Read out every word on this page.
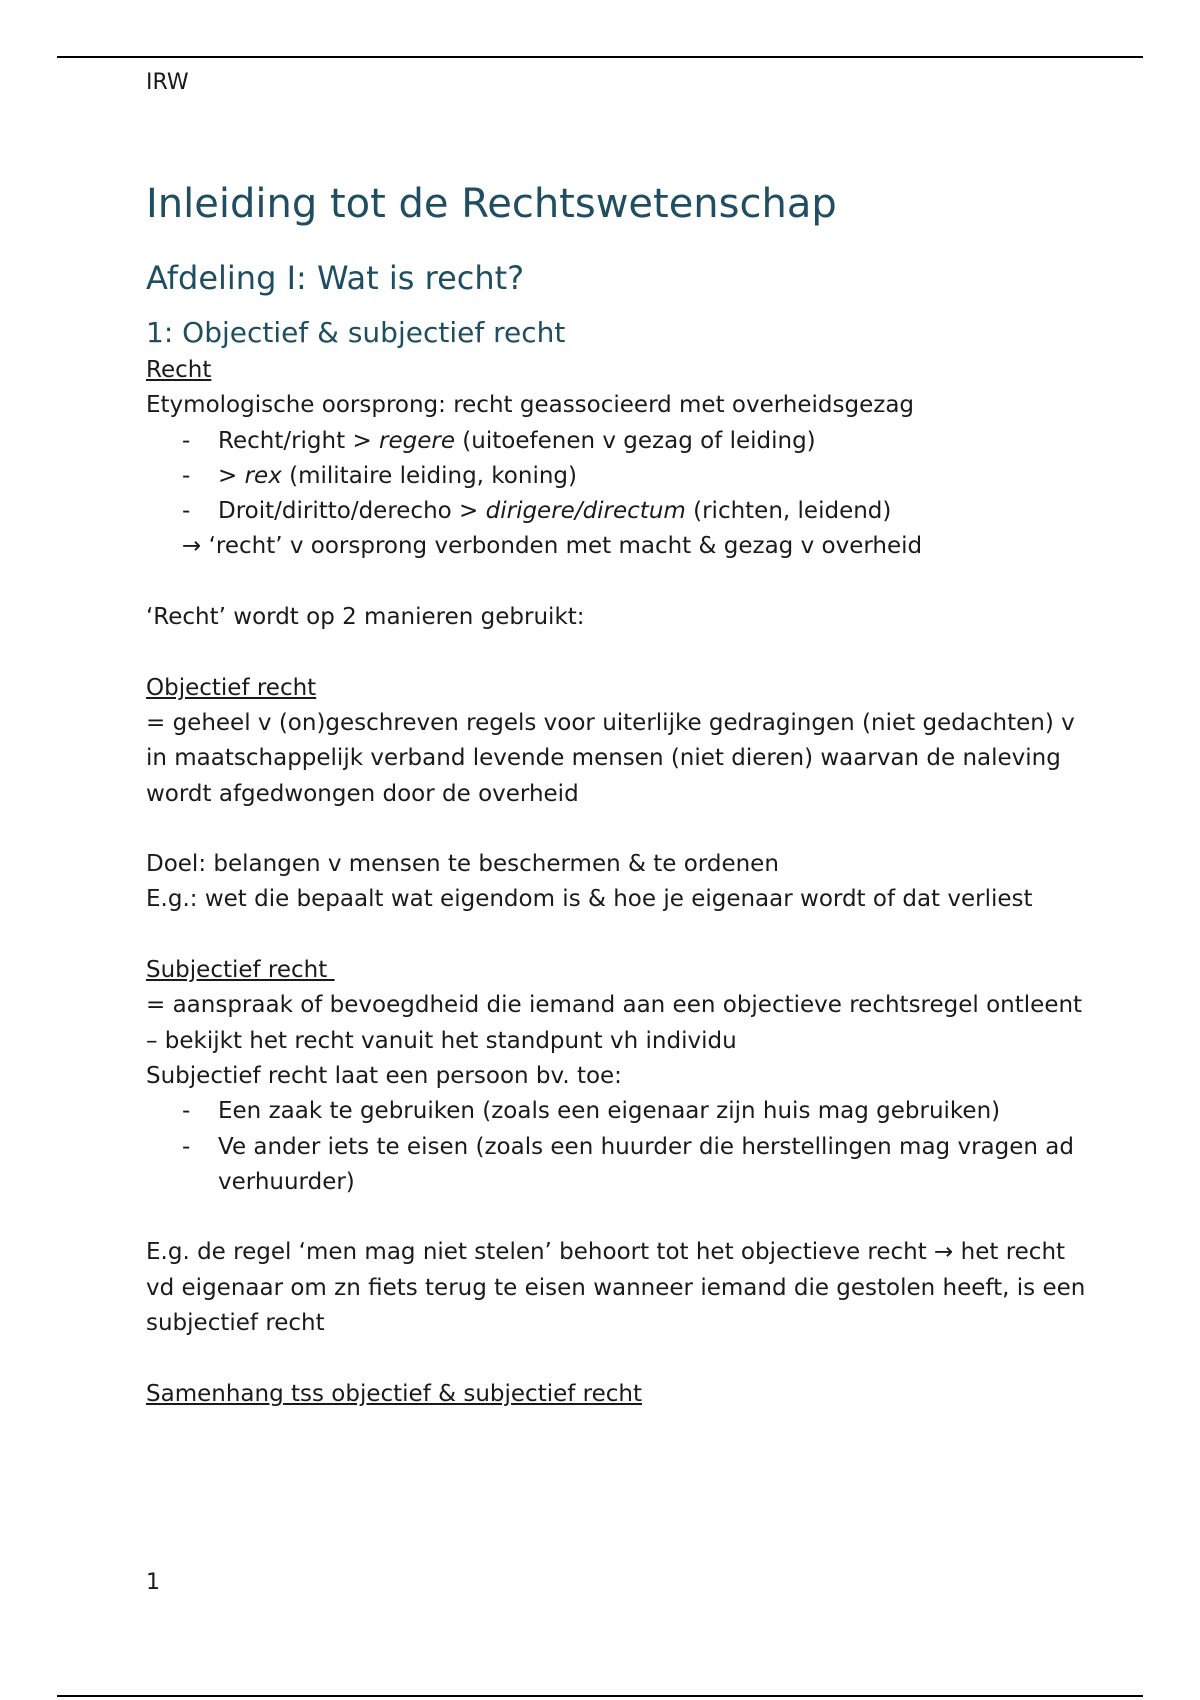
IRW
Inleiding tot de Rechtswetenschap
Afdeling I: Wat is recht?
1: Objectief & subjectief recht

Recht

Etymologische oorsprong: recht geassocieerd met overheidsgezag

- Recht/right > regere (uitoefenen v gezag of leiding)
- > rex (militaire leiding, koning)
- Droit/diritto/derecho > dirigere/directum (richten, leidend)
→ ‘recht’ v oorsprong verbonden met macht & gezag v overheid

‘Recht’ wordt op 2 manieren gebruikt:

Objectief recht

= geheel v (on)geschreven regels voor uiterlijke gedragingen (niet gedachten) v in maatschappelijk verband levende mensen (niet dieren) waarvan de naleving wordt afgedwongen door de overheid

Doel: belangen v mensen te beschermen & te ordenen

E.g.: wet die bepaalt wat eigendom is & hoe je eigenaar wordt of dat verliest

Subjectief recht

= aanspraak of bevoegdheid die iemand aan een objectieve rechtsregel ontleent – bekijkt het recht vanuit het standpunt vh individu

Subjectief recht laat een persoon bv. toe:

- Een zaak te gebruiken (zoals een eigenaar zijn huis mag gebruiken)
- Ve ander iets te eisen (zoals een huurder die herstellingen mag vragen ad verhuurder)

E.g. de regel ‘men mag niet stelen’ behoort tot het objectieve recht → het recht vd eigenaar om zn fiets terug te eisen wanneer iemand die gestolen heeft, is een subjectief recht

Samenhang tss objectief & subjectief recht

1
